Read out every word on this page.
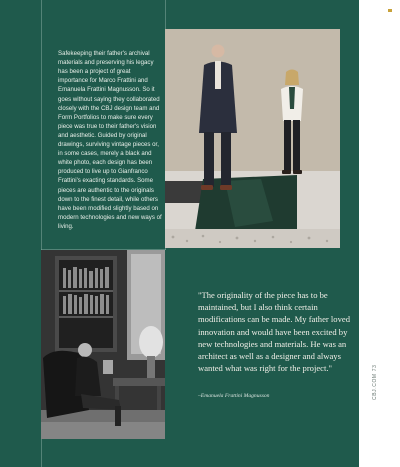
Safekeeping their father's archival materials and preserving his legacy has been a project of great importance for Marco Frattini and Emanuela Frattini Magnusson. So it goes without saying they collaborated closely with the CBJ design team and Form Portfolios to make sure every piece was true to their father's vision and aesthetic. Guided by original drawings, surviving vintage pieces or, in some cases, merely a black and white photo, each design has been produced to live up to Gianfranco Frattini's exacting standards. Some pieces are authentic to the originals down to the finest detail, while others have been modified slightly based on modern technologies and new ways of living.

"The originality of the piece has to be maintained, but I also think certain modifications can be made. My father loved innovation and would have been excited by new technologies and materials. He was an architect as well as a designer and always wanted what was right for the project."
–Emanuela Frattini Magnusson	CBJ.COM 73
